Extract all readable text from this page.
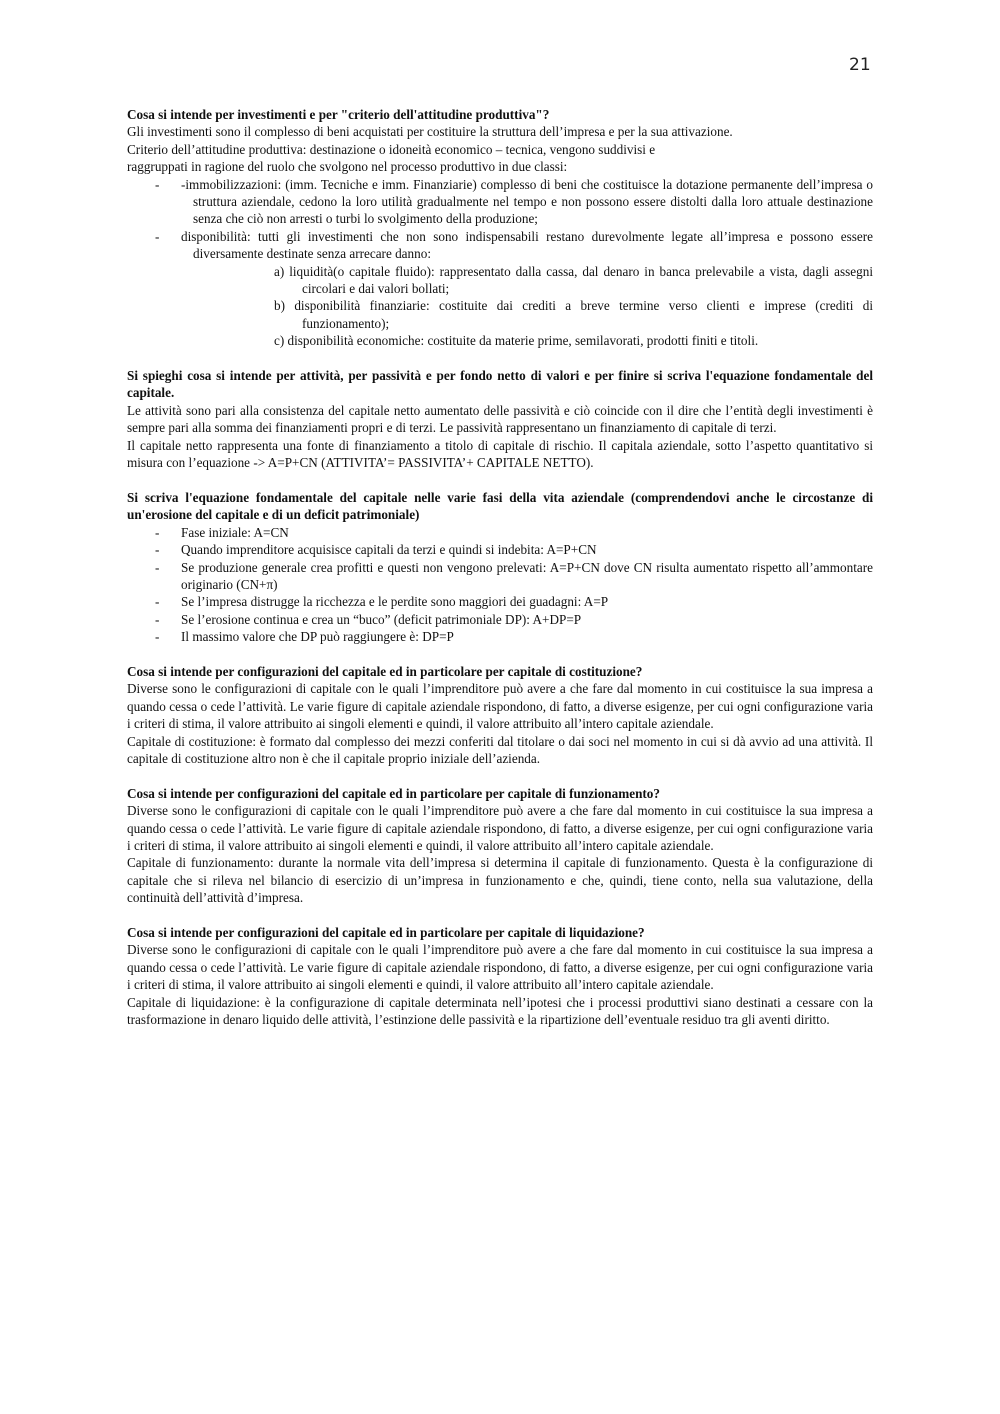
21

Cosa si intende per investimenti e per "criterio dell'attitudine produttiva"?

Gli investimenti sono il complesso di beni acquistati per costituire la struttura dell’impresa e per la sua attivazione.

Criterio dell’attitudine produttiva: destinazione o idoneità economico – tecnica, vengono suddivisi e

raggruppati in ragione del ruolo che svolgono nel processo produttivo in due classi:

- -immobilizzazioni: (imm. Tecniche e imm. Finanziarie) complesso di beni che costituisce la dotazione permanente dell’impresa o struttura aziendale, cedono la loro utilità gradualmente nel tempo e non possono essere distolti dalla loro attuale destinazione senza che ciò non arresti o turbi lo svolgimento della produzione;
- disponibilità: tutti gli investimenti che non sono indispensabili restano durevolmente legate all’impresa e possono essere diversamente destinate senza arrecare danno:
a) liquidità(o capitale fluido): rappresentato dalla cassa, dal denaro in banca prelevabile a vista, dagli assegni circolari e dai valori bollati;
b) disponibilità finanziarie: costituite dai crediti a breve termine verso clienti e imprese (crediti di funzionamento);
c) disponibilità economiche: costituite da materie prime, semilavorati, prodotti finiti e titoli.

Si spieghi cosa si intende per attività, per passività e per fondo netto di valori e per finire si scriva l'equazione fondamentale del capitale.

Le attività sono pari alla consistenza del capitale netto aumentato delle passività e ciò coincide con il dire che l’entità degli investimenti è sempre pari alla somma dei finanziamenti propri e di terzi. Le passività rappresentano un finanziamento di capitale di terzi.

Il capitale netto rappresenta una fonte di finanziamento a titolo di capitale di rischio. Il capitala aziendale, sotto l’aspetto quantitativo si misura con l’equazione -> A=P+CN (ATTIVITA’= PASSIVITA’+ CAPITALE NETTO).

Si scriva l'equazione fondamentale del capitale nelle varie fasi della vita aziendale (comprendendovi anche le circostanze di un'erosione del capitale e di un deficit patrimoniale)

- Fase iniziale: A=CN
- Quando imprenditore acquisisce capitali da terzi e quindi si indebita: A=P+CN
- Se produzione generale crea profitti e questi non vengono prelevati: A=P+CN dove CN risulta aumentato rispetto all’ammontare originario (CN+π)
- Se l’impresa distrugge la ricchezza e le perdite sono maggiori dei guadagni: A=P
- Se l’erosione continua e crea un “buco” (deficit patrimoniale DP): A+DP=P
- Il massimo valore che DP può raggiungere è: DP=P

Cosa si intende per configurazioni del capitale ed in particolare per capitale di costituzione?

Diverse sono le configurazioni di capitale con le quali l’imprenditore può avere a che fare dal momento in cui costituisce la sua impresa a quando cessa o cede l’attività. Le varie figure di capitale aziendale rispondono, di fatto, a diverse esigenze, per cui ogni configurazione varia i criteri di stima, il valore attribuito ai singoli elementi e quindi, il valore attribuito all’intero capitale aziendale.

Capitale di costituzione: è formato dal complesso dei mezzi conferiti dal titolare o dai soci nel momento in cui si dà avvio ad una attività. Il capitale di costituzione altro non è che il capitale proprio iniziale dell’azienda.

Cosa si intende per configurazioni del capitale ed in particolare per capitale di funzionamento?

Diverse sono le configurazioni di capitale con le quali l’imprenditore può avere a che fare dal momento in cui costituisce la sua impresa a quando cessa o cede l’attività. Le varie figure di capitale aziendale rispondono, di fatto, a diverse esigenze, per cui ogni configurazione varia i criteri di stima, il valore attribuito ai singoli elementi e quindi, il valore attribuito all’intero capitale aziendale.

Capitale di funzionamento: durante la normale vita dell’impresa si determina il capitale di funzionamento. Questa è la configurazione di capitale che si rileva nel bilancio di esercizio di un’impresa in funzionamento e che, quindi, tiene conto, nella sua valutazione, della continuità dell’attività d’impresa.

Cosa si intende per configurazioni del capitale ed in particolare per capitale di liquidazione?

Diverse sono le configurazioni di capitale con le quali l’imprenditore può avere a che fare dal momento in cui costituisce la sua impresa a quando cessa o cede l’attività. Le varie figure di capitale aziendale rispondono, di fatto, a diverse esigenze, per cui ogni configurazione varia i criteri di stima, il valore attribuito ai singoli elementi e quindi, il valore attribuito all’intero capitale aziendale.

Capitale di liquidazione: è la configurazione di capitale determinata nell’ipotesi che i processi produttivi siano destinati a cessare con la trasformazione in denaro liquido delle attività, l’estinzione delle passività e la ripartizione dell’eventuale residuo tra gli aventi diritto.
